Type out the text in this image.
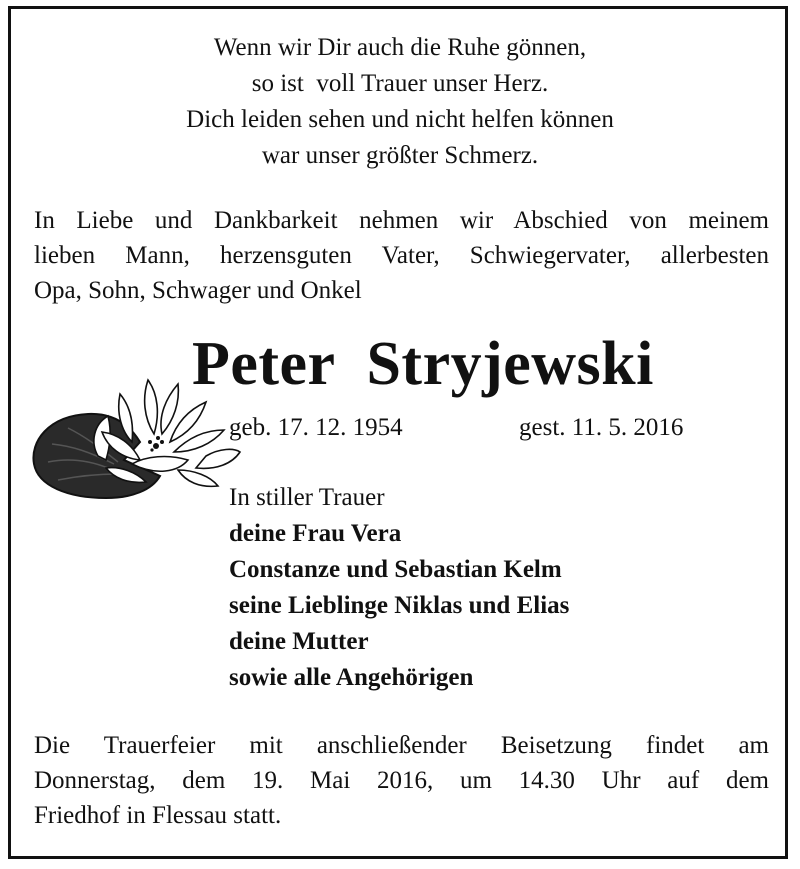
Wenn wir Dir auch die Ruhe gönnen,
so ist  voll Trauer unser Herz.
Dich leiden sehen und nicht helfen können
war unser größter Schmerz.
In Liebe und Dankbarkeit nehmen wir Abschied von meinem
lieben Mann, herzensguten Vater, Schwiegervater, allerbesten
Opa, Sohn, Schwager und Onkel
Peter  Stryjewski
geb. 17. 12. 1954	gest. 11. 5. 2016
In stiller Trauer
deine Frau Vera
Constanze und Sebastian Kelm
seine Lieblinge Niklas und Elias
deine Mutter
sowie alle Angehörigen
Die Trauerfeier mit anschließender Beisetzung findet am
Donnerstag, dem 19. Mai 2016, um 14.30 Uhr auf dem
Friedhof in Flessau statt.
